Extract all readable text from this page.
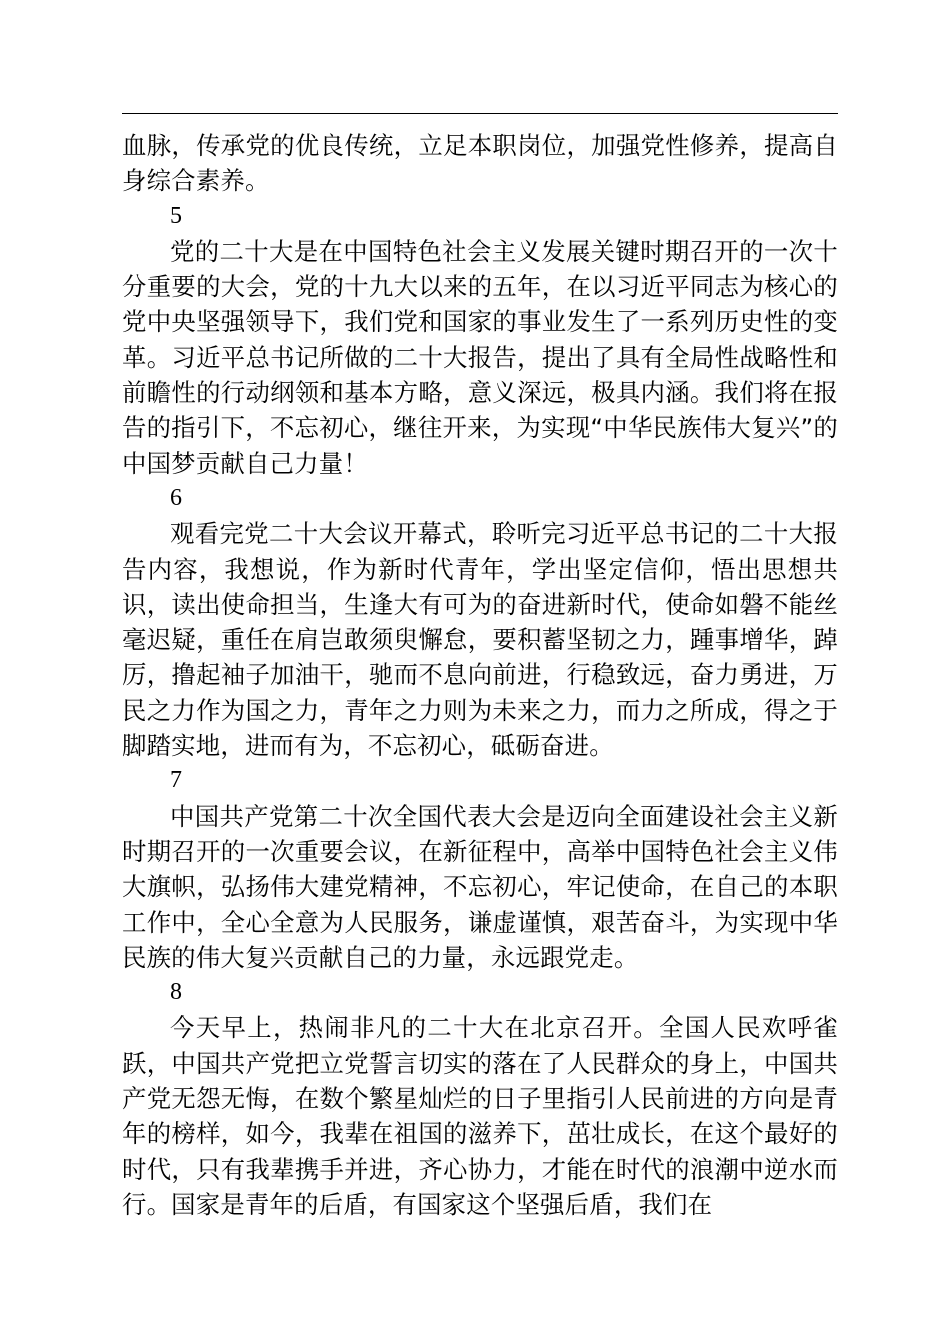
血脉，传承党的优良传统，立足本职岗位，加强党性修养，提高自身综合素养。

5

党的二十大是在中国特色社会主义发展关键时期召开的一次十分重要的大会，党的十九大以来的五年，在以习近平同志为核心的党中央坚强领导下，我们党和国家的事业发生了一系列历史性的变革。习近平总书记所做的二十大报告，提出了具有全局性战略性和前瞻性的行动纲领和基本方略，意义深远，极具内涵。我们将在报告的指引下，不忘初心，继往开来，为实现“中华民族伟大复兴”的中国梦贡献自己力量！

6

观看完党二十大会议开幕式，聆听完习近平总书记的二十大报告内容，我想说，作为新时代青年，学出坚定信仰，悟出思想共识，读出使命担当，生逢大有可为的奋进新时代，使命如磐不能丝毫迟疑，重任在肩岂敢须臾懈怠，要积蓄坚韧之力，踵事增华，踔厉，撸起袖子加油干，驰而不息向前进，行稳致远，奋力勇进，万民之力作为国之力，青年之力则为未来之力，而力之所成，得之于脚踏实地，进而有为，不忘初心，砥砺奋进。

7

中国共产党第二十次全国代表大会是迈向全面建设社会主义新时期召开的一次重要会议，在新征程中，高举中国特色社会主义伟大旗帜，弘扬伟大建党精神，不忘初心，牢记使命，在自己的本职工作中，全心全意为人民服务，谦虚谨慎，艰苦奋斗，为实现中华民族的伟大复兴贡献自己的力量，永远跟党走。

8

今天早上，热闹非凡的二十大在北京召开。全国人民欢呼雀跃，中国共产党把立党誓言切实的落在了人民群众的身上，中国共产党无怨无悔，在数个繁星灿烂的日子里指引人民前进的方向是青年的榜样，如今，我辈在祖国的滋养下，茁壮成长，在这个最好的时代，只有我辈携手并进，齐心协力，才能在时代的浪潮中逆水而行。国家是青年的后盾，有国家这个坚强后盾，我们在
